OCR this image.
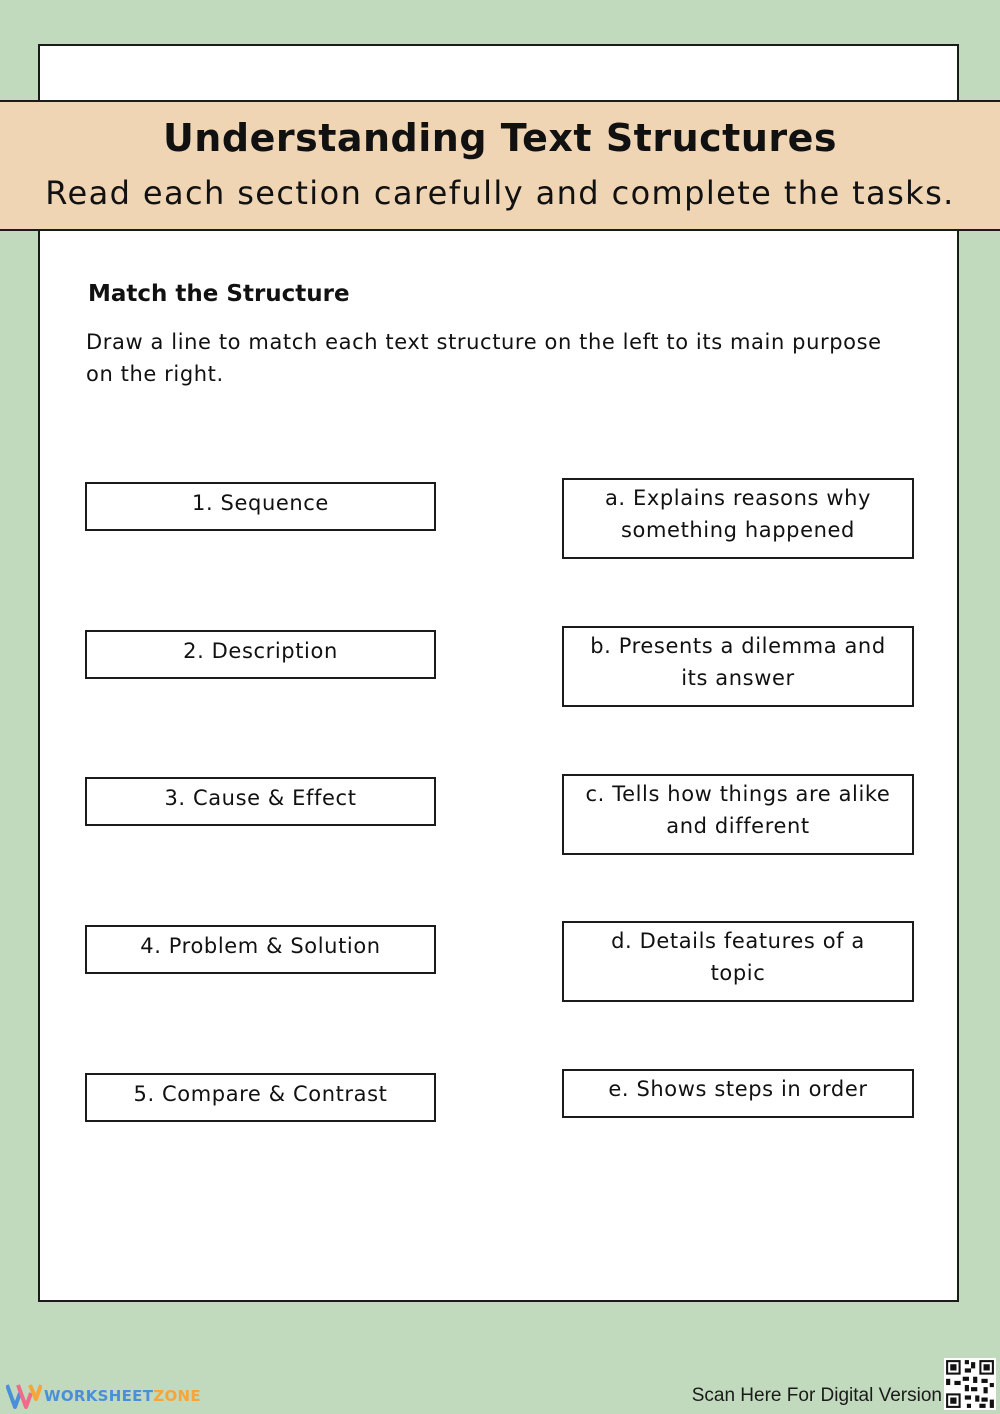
Understanding Text Structures
Read each section carefully and complete the tasks.
Match the Structure
Draw a line to match each text structure on the left to its main purpose on the right.
1. Sequence
2. Description
3. Cause & Effect
4. Problem & Solution
5. Compare & Contrast
a. Explains reasons why something happened
b. Presents a dilemma and its answer
c. Tells how things are alike and different
d. Details features of a topic
e. Shows steps in order
WORKSHEETZONE	Scan Here For Digital Version
